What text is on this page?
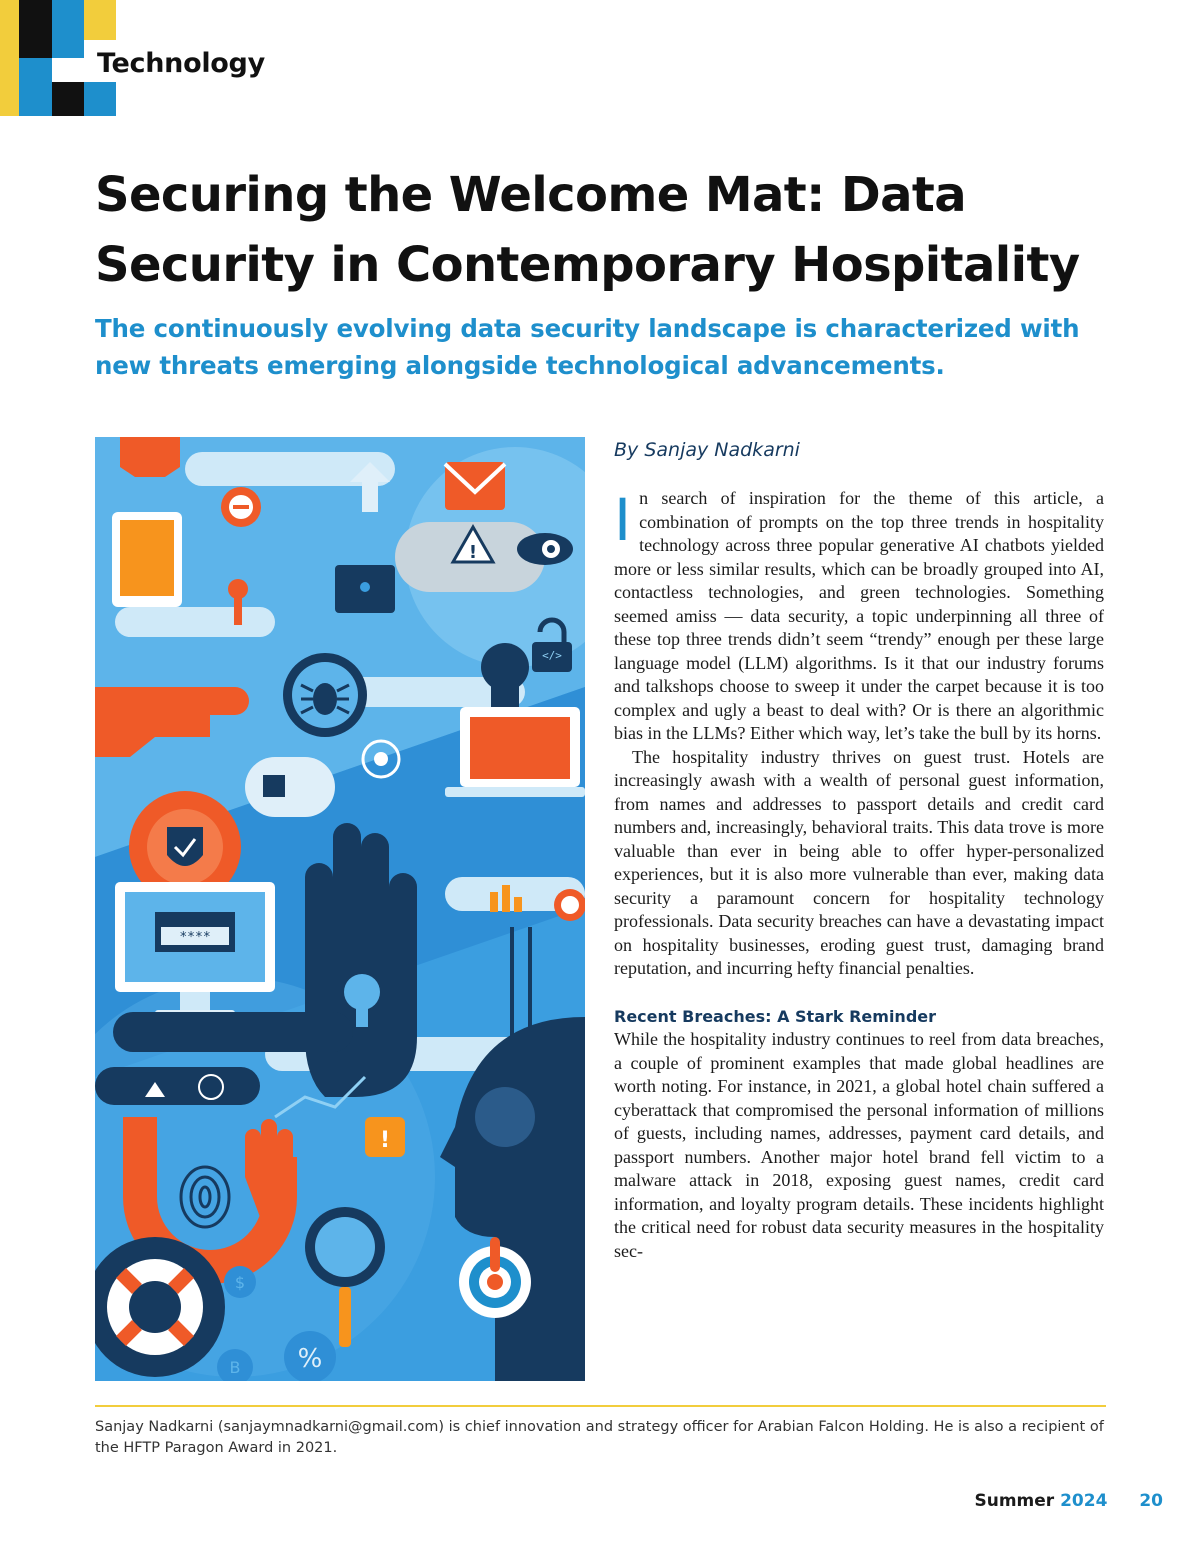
Technology
Securing the Welcome Mat: Data Security in Contemporary Hospitality
The continuously evolving data security landscape is characterized with new threats emerging alongside technological advancements.
!
</>
****
!
$
B %
By Sanjay Nadkarni

In search of inspiration for the theme of this article, a combination of prompts on the top three trends in hospitality technology across three popular generative AI chatbots yielded more or less similar results, which can be broadly grouped into AI, contactless technologies, and green technologies. Something seemed amiss — data security, a topic underpinning all three of these top three trends didn’t seem “trendy” enough per these large language model (LLM) algorithms. Is it that our industry forums and talkshops choose to sweep it under the carpet because it is too complex and ugly a beast to deal with? Or is there an algorithmic bias in the LLMs? Either which way, let’s take the bull by its horns.

The hospitality industry thrives on guest trust. Hotels are increasingly awash with a wealth of personal guest information, from names and addresses to passport details and credit card numbers and, increasingly, behavioral traits. This data trove is more valuable than ever in being able to offer hyper-personalized experiences, but it is also more vulnerable than ever, making data security a paramount concern for hospitality technology professionals. Data security breaches can have a devastating impact on hospitality businesses, eroding guest trust, damaging brand reputation, and incurring hefty financial penalties.

Recent Breaches: A Stark Reminder

While the hospitality industry continues to reel from data breaches, a couple of prominent examples that made global headlines are worth noting. For instance, in 2021, a global hotel chain suffered a cyberattack that compromised the personal information of millions of guests, including names, addresses, payment card details, and passport numbers. Another major hotel brand fell victim to a malware attack in 2018, exposing guest names, credit card information, and loyalty program details. These incidents highlight the critical need for robust data security measures in the hospitality sec-

Sanjay Nadkarni (sanjaymnadkarni@gmail.com) is chief innovation and strategy officer for Arabian Falcon Holding. He is also a recipient of the HFTP Paragon Award in 2021.
Summer 2024 20
